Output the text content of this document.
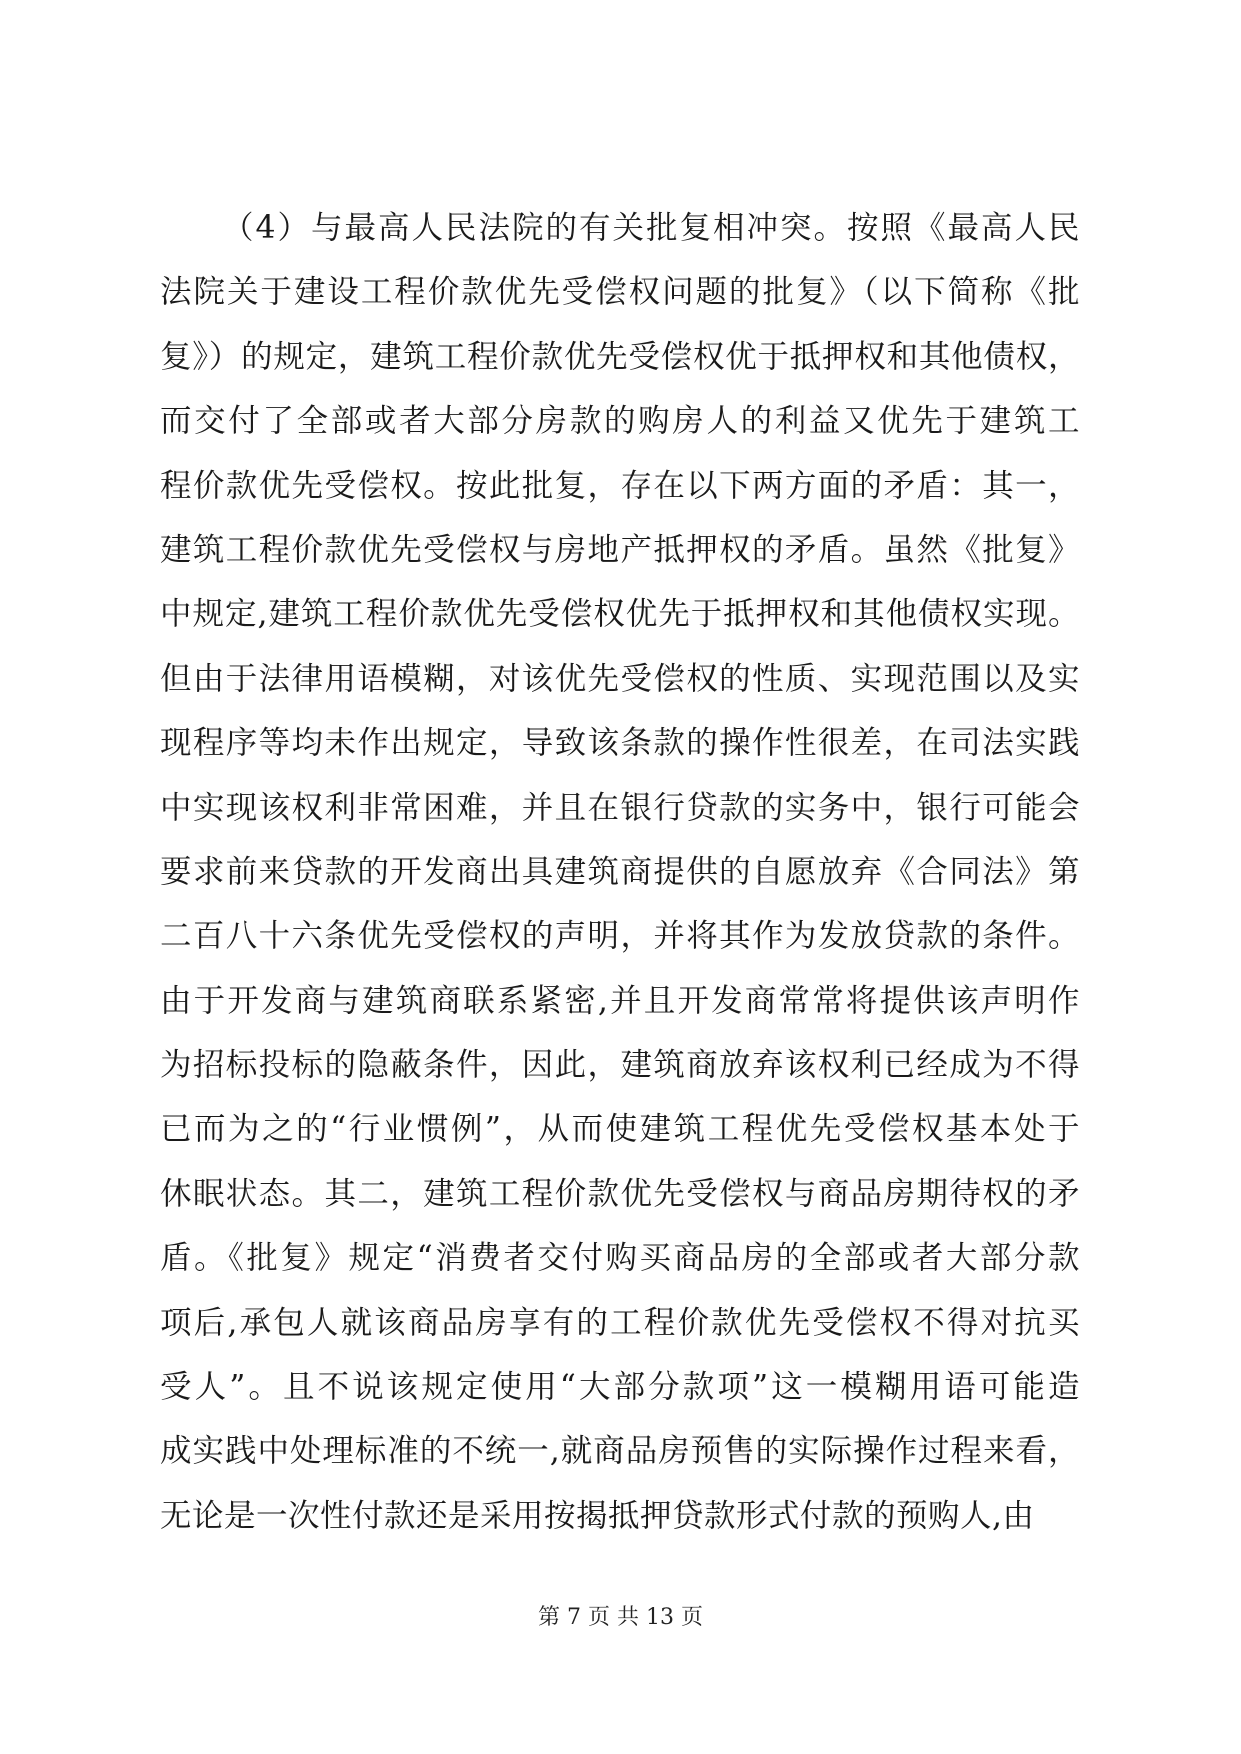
（4）与最高人民法院的有关批复相冲突。按照《最高人民
法院关于建设工程价款优先受偿权问题的批复》（以下简称《批
复》）的规定，建筑工程价款优先受偿权优于抵押权和其他债权，
而交付了全部或者大部分房款的购房人的利益又优先于建筑工
程价款优先受偿权。按此批复，存在以下两方面的矛盾：其一，
建筑工程价款优先受偿权与房地产抵押权的矛盾。虽然《批复》
中规定,建筑工程价款优先受偿权优先于抵押权和其他债权实现。
但由于法律用语模糊，对该优先受偿权的性质、实现范围以及实
现程序等均未作出规定，导致该条款的操作性很差，在司法实践
中实现该权利非常困难，并且在银行贷款的实务中，银行可能会
要求前来贷款的开发商出具建筑商提供的自愿放弃《合同法》第
二百八十六条优先受偿权的声明，并将其作为发放贷款的条件。
由于开发商与建筑商联系紧密,并且开发商常常将提供该声明作
为招标投标的隐蔽条件，因此，建筑商放弃该权利已经成为不得
已而为之的“行业惯例”，从而使建筑工程优先受偿权基本处于
休眠状态。其二，建筑工程价款优先受偿权与商品房期待权的矛
盾。《批复》规定“消费者交付购买商品房的全部或者大部分款
项后,承包人就该商品房享有的工程价款优先受偿权不得对抗买
受人”。且不说该规定使用“大部分款项”这一模糊用语可能造
成实践中处理标准的不统一,就商品房预售的实际操作过程来看，
无论是一次性付款还是采用按揭抵押贷款形式付款的预购人,由
第 7 页 共 13 页
